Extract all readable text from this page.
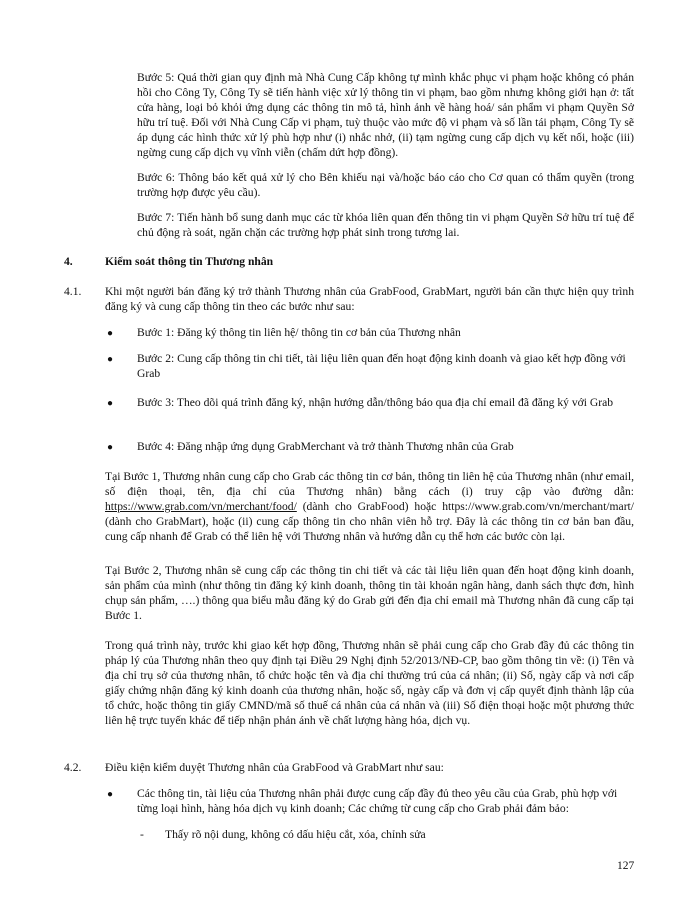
Bước 5: Quá thời gian quy định mà Nhà Cung Cấp không tự mình khắc phục vi phạm hoặc không có phản hồi cho Công Ty, Công Ty sẽ tiến hành việc xử lý thông tin vi phạm, bao gồm nhưng không giới hạn ở: tất cửa hàng, loại bỏ khỏi ứng dụng các thông tin mô tả, hình ảnh về hàng hoá/ sản phẩm vi phạm Quyền Sở hữu trí tuệ. Đối với Nhà Cung Cấp vi phạm, tuỳ thuộc vào mức độ vi phạm và số lần tái phạm, Công Ty sẽ áp dụng các hình thức xử lý phù hợp như (i) nhắc nhở, (ii) tạm ngừng cung cấp dịch vụ kết nối, hoặc (iii) ngừng cung cấp dịch vụ vĩnh viễn (chấm dứt hợp đồng).

Bước 6: Thông báo kết quả xử lý cho Bên khiếu nại và/hoặc báo cáo cho Cơ quan có thẩm quyền (trong trường hợp được yêu cầu).

Bước 7: Tiến hành bổ sung danh mục các từ khóa liên quan đến thông tin vi phạm Quyền Sở hữu trí tuệ để chủ động rà soát, ngăn chặn các trường hợp phát sinh trong tương lai.

4.	Kiểm soát thông tin Thương nhân
4.1. Khi một người bán đăng ký trở thành Thương nhân của GrabFood, GrabMart, người bán cần thực hiện quy trình đăng ký và cung cấp thông tin theo các bước như sau:

● Bước 1: Đăng ký thông tin liên hệ/ thông tin cơ bản của Thương nhân

● Bước 2: Cung cấp thông tin chi tiết, tài liệu liên quan đến hoạt động kinh doanh và giao kết hợp đồng với Grab

● Bước 3: Theo dõi quá trình đăng ký, nhận hướng dẫn/thông báo qua địa chỉ email đã đăng ký với Grab

● Bước 4: Đăng nhập ứng dụng GrabMerchant và trở thành Thương nhân của Grab

Tại Bước 1, Thương nhân cung cấp cho Grab các thông tin cơ bản, thông tin liên hệ của Thương nhân (như email, số điện thoại, tên, địa chỉ của Thương nhân) bằng cách (i) truy cập vào đường dẫn: https://www.grab.com/vn/merchant/food/ (dành cho GrabFood) hoặc https://www.grab.com/vn/merchant/mart/ (dành cho GrabMart), hoặc (ii) cung cấp thông tin cho nhân viên hỗ trợ. Đây là các thông tin cơ bản ban đầu, cung cấp nhanh để Grab có thể liên hệ với Thương nhân và hướng dẫn cụ thể hơn các bước còn lại.

Tại Bước 2, Thương nhân sẽ cung cấp các thông tin chi tiết và các tài liệu liên quan đến hoạt động kinh doanh, sản phẩm của mình (như thông tin đăng ký kinh doanh, thông tin tài khoản ngân hàng, danh sách thực đơn, hình chụp sản phẩm, ….) thông qua biểu mẫu đăng ký do Grab gửi đến địa chỉ email mà Thương nhân đã cung cấp tại Bước 1.

Trong quá trình này, trước khi giao kết hợp đồng, Thương nhân sẽ phải cung cấp cho Grab đầy đủ các thông tin pháp lý của Thương nhân theo quy định tại Điều 29 Nghị định 52/2013/NĐ-CP, bao gồm thông tin về: (i) Tên và địa chỉ trụ sở của thương nhân, tổ chức hoặc tên và địa chỉ thường trú của cá nhân; (ii) Số, ngày cấp và nơi cấp giấy chứng nhận đăng ký kinh doanh của thương nhân, hoặc số, ngày cấp và đơn vị cấp quyết định thành lập của tổ chức, hoặc thông tin giấy CMND/mã số thuế cá nhân của cá nhân và (iii) Số điện thoại hoặc một phương thức liên hệ trực tuyến khác để tiếp nhận phản ánh về chất lượng hàng hóa, dịch vụ.

4.2. Điều kiện kiểm duyệt Thương nhân của GrabFood và GrabMart như sau:

● Các thông tin, tài liệu của Thương nhân phải được cung cấp đầy đủ theo yêu cầu của Grab, phù hợp với từng loại hình, hàng hóa dịch vụ kinh doanh; Các chứng từ cung cấp cho Grab phải đảm bảo:

- Thấy rõ nội dung, không có dấu hiệu cắt, xóa, chỉnh sửa
127
